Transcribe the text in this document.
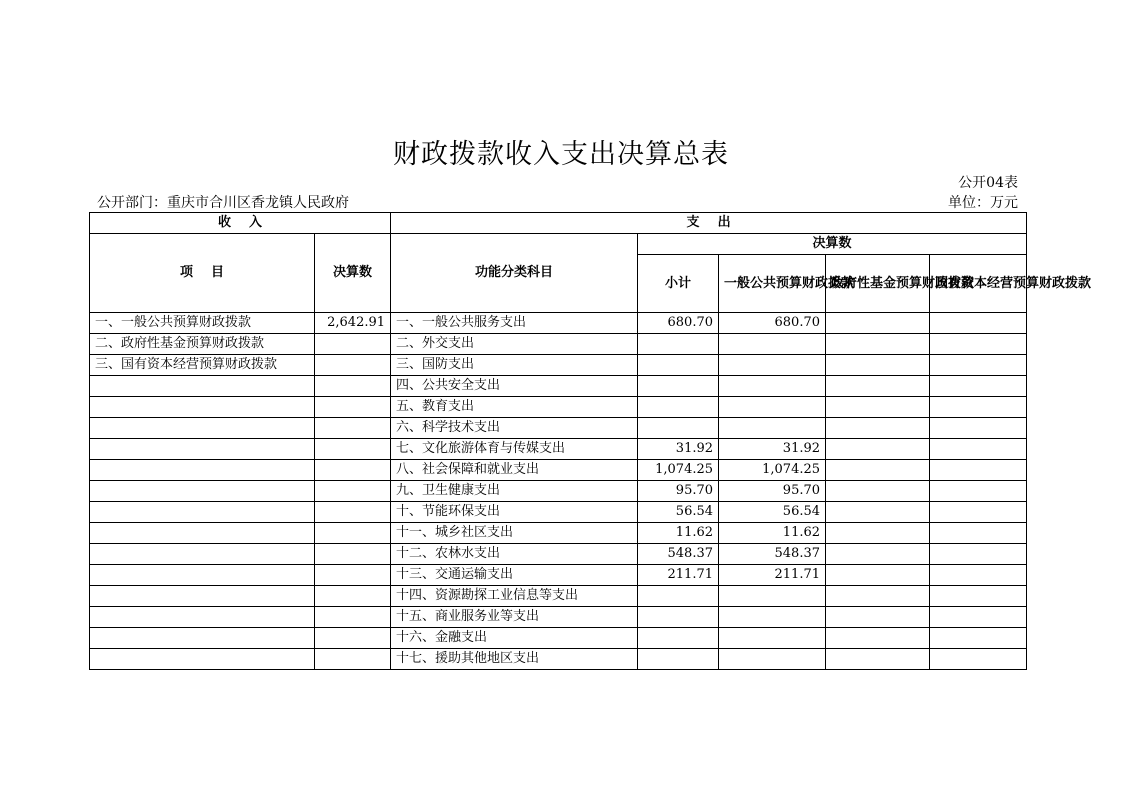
财政拨款收入支出决算总表
公开04表
公开部门：重庆市合川区香龙镇人民政府	单位：万元
收    入		支    出				
项    目	决算数	功能分类科目	决算数			
			小计	一般公共预算财政拨款	政府性基金预算财政拨款	国有资本经营预算财政拨款
一、一般公共预算财政拨款	2,642.91	一、一般公共服务支出	680.70	680.70		
二、政府性基金预算财政拨款		二、外交支出				
三、国有资本经营预算财政拨款		三、国防支出				
		四、公共安全支出				
		五、教育支出				
		六、科学技术支出				
		七、文化旅游体育与传媒支出	31.92	31.92		
		八、社会保障和就业支出	1,074.25	1,074.25		
		九、卫生健康支出	95.70	95.70		
		十、节能环保支出	56.54	56.54		
		十一、城乡社区支出	11.62	11.62		
		十二、农林水支出	548.37	548.37		
		十三、交通运输支出	211.71	211.71		
		十四、资源勘探工业信息等支出				
		十五、商业服务业等支出				
		十六、金融支出				
		十七、援助其他地区支出				
